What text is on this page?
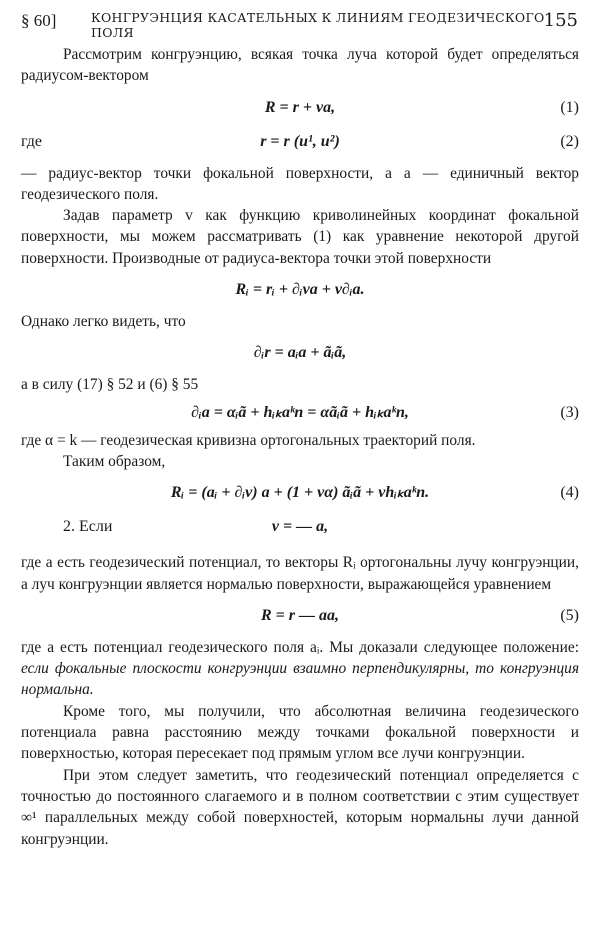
§ 60]	КОНГРУЭНЦИЯ КАСАТЕЛЬНЫХ К ЛИНИЯМ ГЕОДЕЗИЧЕСКОГО ПОЛЯ
155

Рассмотрим конгруэнцию, всякая точка луча которой будет определяться радиусом-вектором

R = r + va,	(1)
где	r = r (u¹, u²)	(2)

— радиус-вектор точки фокальной поверхности, а a — единичный вектор геодезического поля.

Задав параметр v как функцию криволинейных координат фокальной поверхности, мы можем рассматривать (1) как уравнение некоторой другой поверхности. Производные от радиуса-вектора точки этой поверхности

Rᵢ = rᵢ + ∂ᵢva + v∂ᵢa.

Однако легко видеть, что

∂ᵢr = aᵢa + ãᵢã,

а в силу (17) § 52 и (6) § 55

∂ᵢa = αᵢã + hᵢₖaᵏn = αãᵢã + hᵢₖaᵏn,	(3)

где α = k — геодезическая кривизна ортогональных траекторий поля.

Таким образом,

Rᵢ = (aᵢ + ∂ᵢv) a + (1 + vα) ãᵢã + vhᵢₖaᵏn.	(4)
2. Если	v = — a,

где a есть геодезический потенциал, то векторы Rᵢ ортогональны лучу конгруэнции, а луч конгруэнции является нормалью поверхности, выражающейся уравнением

R = r — aa,	(5)

где a есть потенциал геодезического поля aᵢ. Мы доказали следующее положение: если фокальные плоскости конгруэнции взаимно перпендикулярны, то конгруэнция нормальна.

Кроме того, мы получили, что абсолютная величина геодезического потенциала равна расстоянию между точками фокальной поверхности и поверхностью, которая пересекает под прямым углом все лучи конгруэнции.

При этом следует заметить, что геодезический потенциал определяется с точностью до постоянного слагаемого и в полном соответствии с этим существует ∞¹ параллельных между собой поверхностей, которым нормальны лучи данной конгруэнции.
